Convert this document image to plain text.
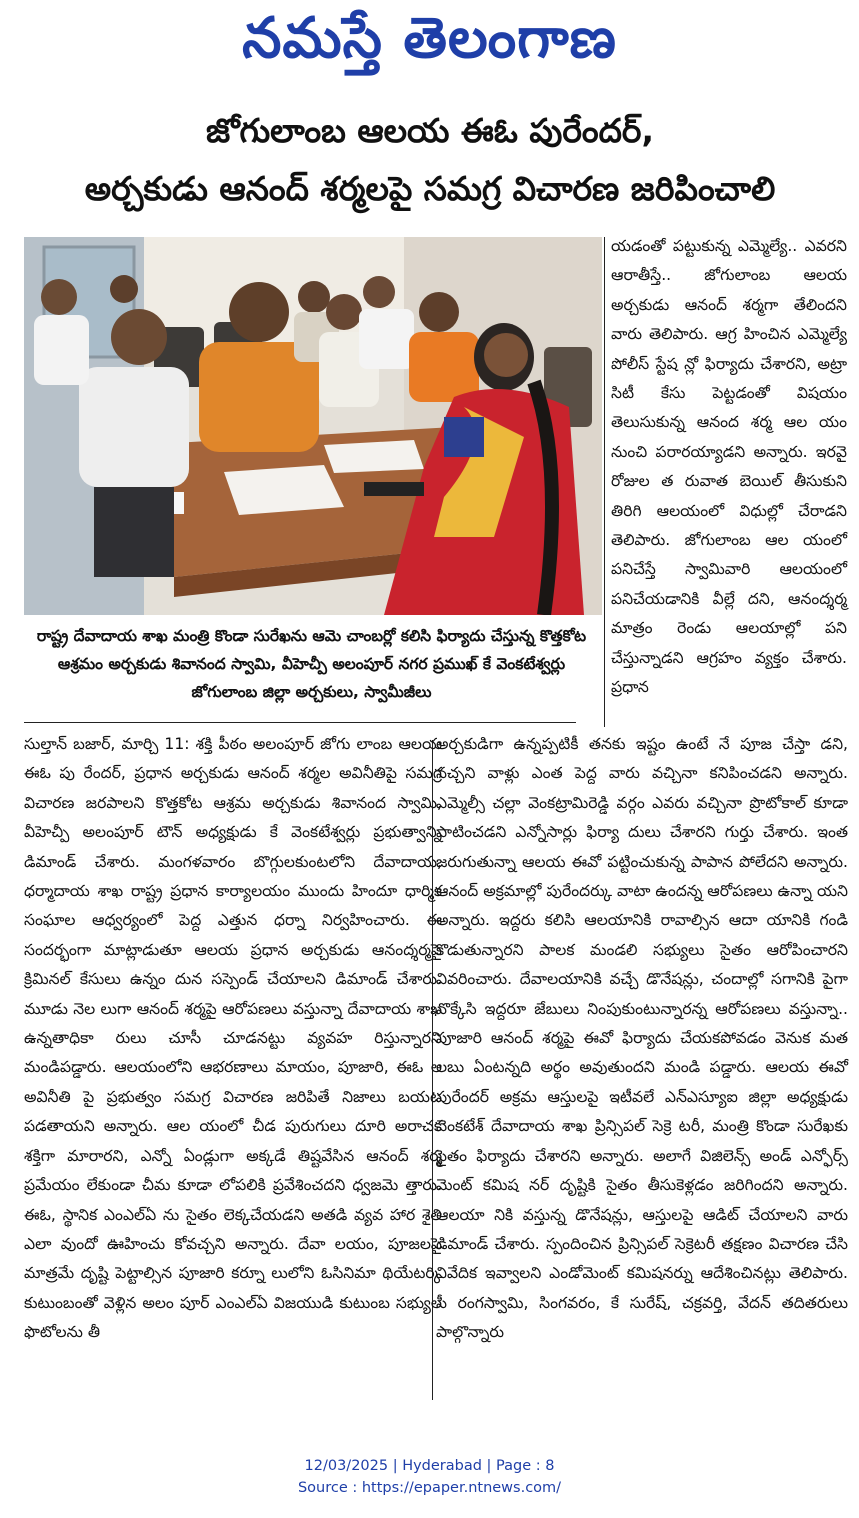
నమస్తే తెలంగాణ
జోగులాంబ ఆలయ ఈఓ పురేందర్,
అర్చకుడు ఆనంద్ శర్మలపై సమగ్ర విచారణ జరిపించాలి
రాష్ట్ర దేవాదాయ శాఖ మంత్రి కొండా సురేఖను ఆమె చాంబర్లో కలిసి ఫిర్యాదు చేస్తున్న కొత్తకోట ఆశ్రమం అర్చకుడు శివానంద స్వామి, వీహెచ్పీ అలంపూర్ నగర ప్రముఖ్ కే వెంకటేశ్వర్లు జోగులాంబ జిల్లా అర్చకులు, స్వామీజీలు

యడంతో పట్టుకున్న ఎమ్మెల్యే.. ఎవరని ఆరాతీస్తే.. జోగులాంబ ఆలయ అర్చకుడు ఆనంద్ శర్మగా తేలిందని వారు తెలిపారు. ఆగ్ర హించిన ఎమ్మెల్యే పోలీస్ స్టేష న్లో ఫిర్యాదు చేశారని, అట్రా సిటీ కేసు పెట్టడంతో విషయం తెలుసుకున్న ఆనంద శర్మ ఆల యం నుంచి పరారయ్యాడని అన్నారు. ఇరవై రోజుల త రువాత బెయిల్ తీసుకుని తిరిగి ఆలయంలో విధుల్లో చేరాడని తెలిపారు. జోగులాంబ ఆల యంలో పనిచేస్తే స్వామివారి ఆలయంలో పనిచేయడానికి వీల్లే దని, ఆనంద్శర్మ మాత్రం రెండు ఆలయాల్లో పని చేస్తున్నాడని ఆగ్రహం వ్యక్తం చేశారు. ప్రధాన

సుల్తాన్ బజార్, మార్చి 11: శక్తి పీఠం అలంపూర్ జోగు లాంబ ఆలయ ఈఓ పు రేందర్, ప్రధాన అర్చకుడు ఆనంద్ శర్మల అవినీతిపై సమగ్ర విచారణ జరపాలని కొత్తకోట ఆశ్రమ అర్చకుడు శివానంద స్వామి, వీహెచ్పీ అలంపూర్ టౌన్ అధ్యక్షుడు కే వెంకటేశ్వర్లు ప్రభుత్వాన్ని డిమాండ్ చేశారు. మంగళవారం బొగ్గులకుంటలోని దేవాదాయ, ధర్మాదాయ శాఖ రాష్ట్ర ప్రధాన కార్యాలయం ముందు హిందూ ధార్మిక సంఘాల ఆధ్వర్యంలో పెద్ద ఎత్తున ధర్నా నిర్వహించారు. ఈ సందర్భంగా మాట్లాడుతూ ఆలయ ప్రధాన అర్చకుడు ఆనంద్శర్మపై క్రిమినల్ కేసులు ఉన్నం దున సస్పెండ్ చేయాలని డిమాండ్ చేశారు. మూడు నెల లుగా ఆనంద్ శర్మపై ఆరోపణలు వస్తున్నా దేవాదాయ శాఖ ఉన్నతాధికా రులు చూసీ చూడనట్టు వ్యవహ రిస్తున్నారని మండిపడ్డారు. ఆలయంలోని ఆభరణాలు మాయం, పూజారి, ఈఓ ల అవినీతి పై ప్రభుత్వం సమగ్ర విచారణ జరిపితే నిజాలు బయట పడతాయని అన్నారు. ఆల యంలో చీడ పురుగులు దూరి అరాచక శక్తిగా మారారని, ఎన్నో ఏండ్లుగా అక్కడే తిష్టవేసిన ఆనంద్ శర్మ ప్రమేయం లేకుండా చీమ కూడా లోపలికి ప్రవేశించదని ధ్వజమె త్తారు. ఈఓ, స్థానిక ఎంఎల్ఏ ను సైతం లెక్కచేయడని అతడి వ్యవ హార శైలి ఎలా వుందో ఊహించు కోవచ్చని అన్నారు. దేవా లయం, పూజలపై మాత్రమే దృష్టి పెట్టాల్సిన పూజారి కర్నూ లులోని ఓసినిమా థియేటర్కి కుటుంబంతో వెళ్లిన అలం పూర్ ఎంఎల్ఏ విజయుడి కుటుంబ సభ్యుల ఫొటోలను తీ

అర్చకుడిగా ఉన్నప్పటికీ తనకు ఇష్టం ఉంటే నే పూజ చేస్తా డని, నచ్చని వాళ్లు ఎంత పెద్ద వారు వచ్చినా కనిపించడని అన్నారు. ఎమ్మెల్సీ చల్లా వెంకట్రామిరెడ్డి వర్గం ఎవరు వచ్చినా ప్రొటోకాల్ కూడా పాటించడని ఎన్నోసార్లు ఫిర్యా దులు చేశారని గుర్తు చేశారు. ఇంత జరుగుతున్నా ఆలయ ఈవో పట్టించుకున్న పాపాన పోలేదని అన్నారు. ఆనంద్ అక్రమాల్లో పురేందర్కు వాటా ఉందన్న ఆరోపణలు ఉన్నా యని అన్నారు. ఇద్దరు కలిసి ఆలయానికి రావాల్సిన ఆదా యానికి గండి కొడుతున్నారని పాలక మండలి సభ్యులు సైతం ఆరోపించారని వివరించారు. దేవాలయానికి వచ్చే డొనేషన్లు, చందాల్లో సగానికి పైగా నొక్కేసి ఇద్దరూ జేబులు నింపుకుంటున్నారన్న ఆరోపణలు వస్తున్నా.. పూజారి ఆనంద్ శర్మపై ఈవో ఫిర్యాదు చేయకపోవడం వెనుక మత లబు ఏంటన్నది అర్థం అవుతుందని మండి పడ్డారు. ఆలయ ఈవో పురేందర్ అక్రమ ఆస్తులపై ఇటీవలే ఎన్ఎస్యూఐ జిల్లా అధ్యక్షుడు వెంకటేశ్ దేవాదాయ శాఖ ప్రిన్సిపల్ సెక్రె టరీ, మంత్రి కొండా సురేఖకు సైతం ఫిర్యాదు చేశారని అన్నారు. అలాగే విజిలెన్స్ అండ్ ఎన్ఫోర్స్ మెంట్ కమిష నర్ దృష్టికి సైతం తీసుకెళ్లడం జరిగిందని అన్నారు. ఆలయా నికి వస్తున్న డొనేషన్లు, ఆస్తులపై ఆడిట్ చేయాలని వారు డిమాండ్ చేశారు. స్పందించిన ప్రిన్సిపల్ సెక్రెటరీ తక్షణం విచారణ చేసి నివేదిక ఇవ్వాలని ఎండోమెంట్ కమిషనర్ను ఆదేశించినట్లు తెలిపారు. సీ రంగస్వామి, సింగవరం, కే సురేష్, చక్రవర్తి, వేదన్ తదితరులు పాల్గొన్నారు

12/03/2025 | Hyderabad | Page : 8
Source : https://epaper.ntnews.com/
